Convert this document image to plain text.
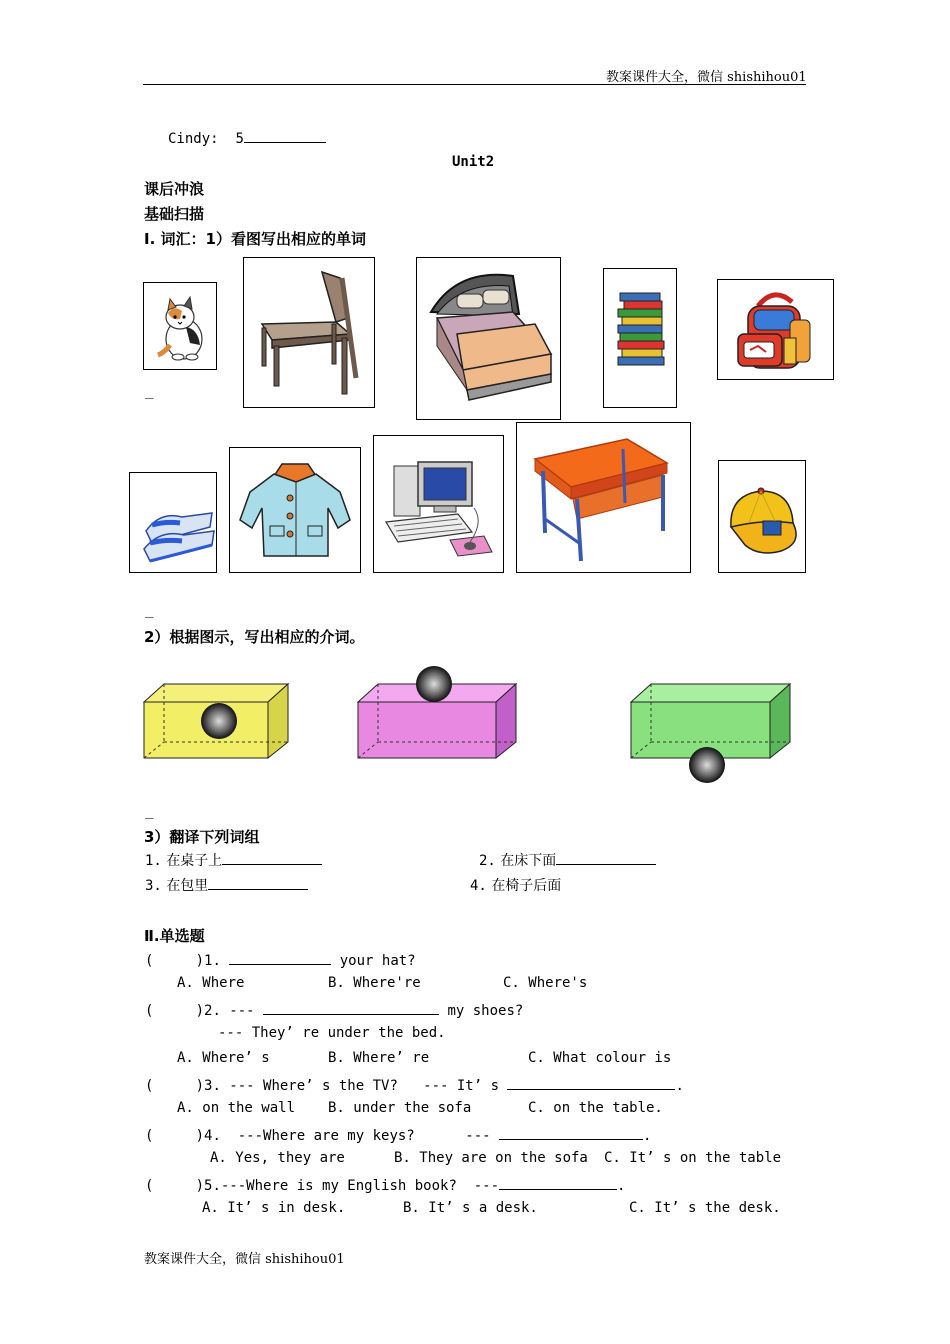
教案课件大全，微信 shishihou01
Cindy: 5
Unit2
课后冲浪
基础扫描
Ⅰ. 词汇：1）看图写出相应的单词
_
_
2）根据图示，写出相应的介词。
_
3）翻译下列词组
1. 在桌子上	2. 在床下面
3. 在包里	4. 在椅子后面
Ⅱ.单选题
(     )1.	your hat?
A. Where	B. Where're	C. Where's
(     )2. ---	my shoes?
--- They’ re under the bed.
A. Where’ s	B. Where’ re	C. What colour is
(     )3. --- Where’ s the TV?   --- It’ s	.
A. on the wall B. under the sofa	C. on the table.
(     )4.  ---Where are my keys?      ---	.
A. Yes, they are	B. They are on the sofa C. It’ s on the table
(     )5.---Where is my English book?  ---	.
A. It’ s in desk.	B. It’ s a desk.	C. It’ s the desk.
教案课件大全，微信 shishihou01
